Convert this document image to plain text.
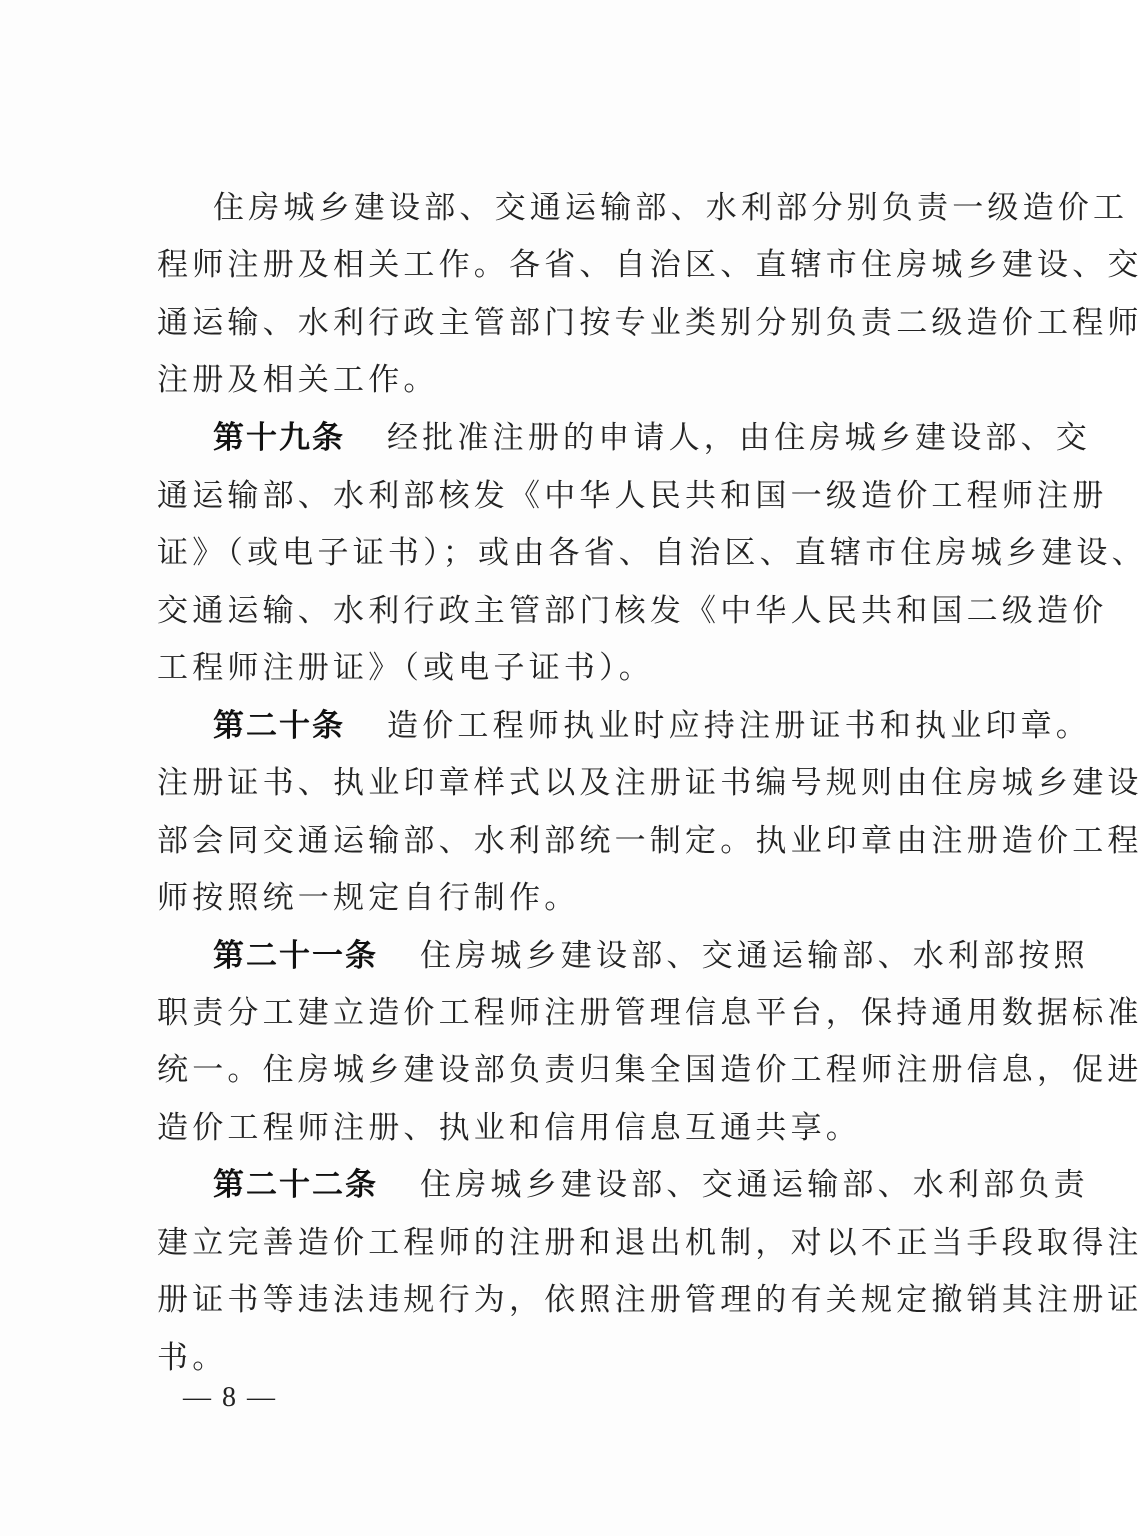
住房城乡建设部、交通运输部、水利部分别负责一级造价工
程师注册及相关工作。各省、自治区、直辖市住房城乡建设、交
通运输、水利行政主管部门按专业类别分别负责二级造价工程师
注册及相关工作。
第十九条 经批准注册的申请人，由住房城乡建设部、交
通运输部、水利部核发《中华人民共和国一级造价工程师注册
证》（或电子证书）；或由各省、自治区、直辖市住房城乡建设、
交通运输、水利行政主管部门核发《中华人民共和国二级造价
工程师注册证》（或电子证书）。
第二十条 造价工程师执业时应持注册证书和执业印章。
注册证书、执业印章样式以及注册证书编号规则由住房城乡建设
部会同交通运输部、水利部统一制定。执业印章由注册造价工程
师按照统一规定自行制作。
第二十一条 住房城乡建设部、交通运输部、水利部按照
职责分工建立造价工程师注册管理信息平台，保持通用数据标准
统一。住房城乡建设部负责归集全国造价工程师注册信息，促进
造价工程师注册、执业和信用信息互通共享。
第二十二条 住房城乡建设部、交通运输部、水利部负责
建立完善造价工程师的注册和退出机制，对以不正当手段取得注
册证书等违法违规行为，依照注册管理的有关规定撤销其注册证
书。
— 8 —
